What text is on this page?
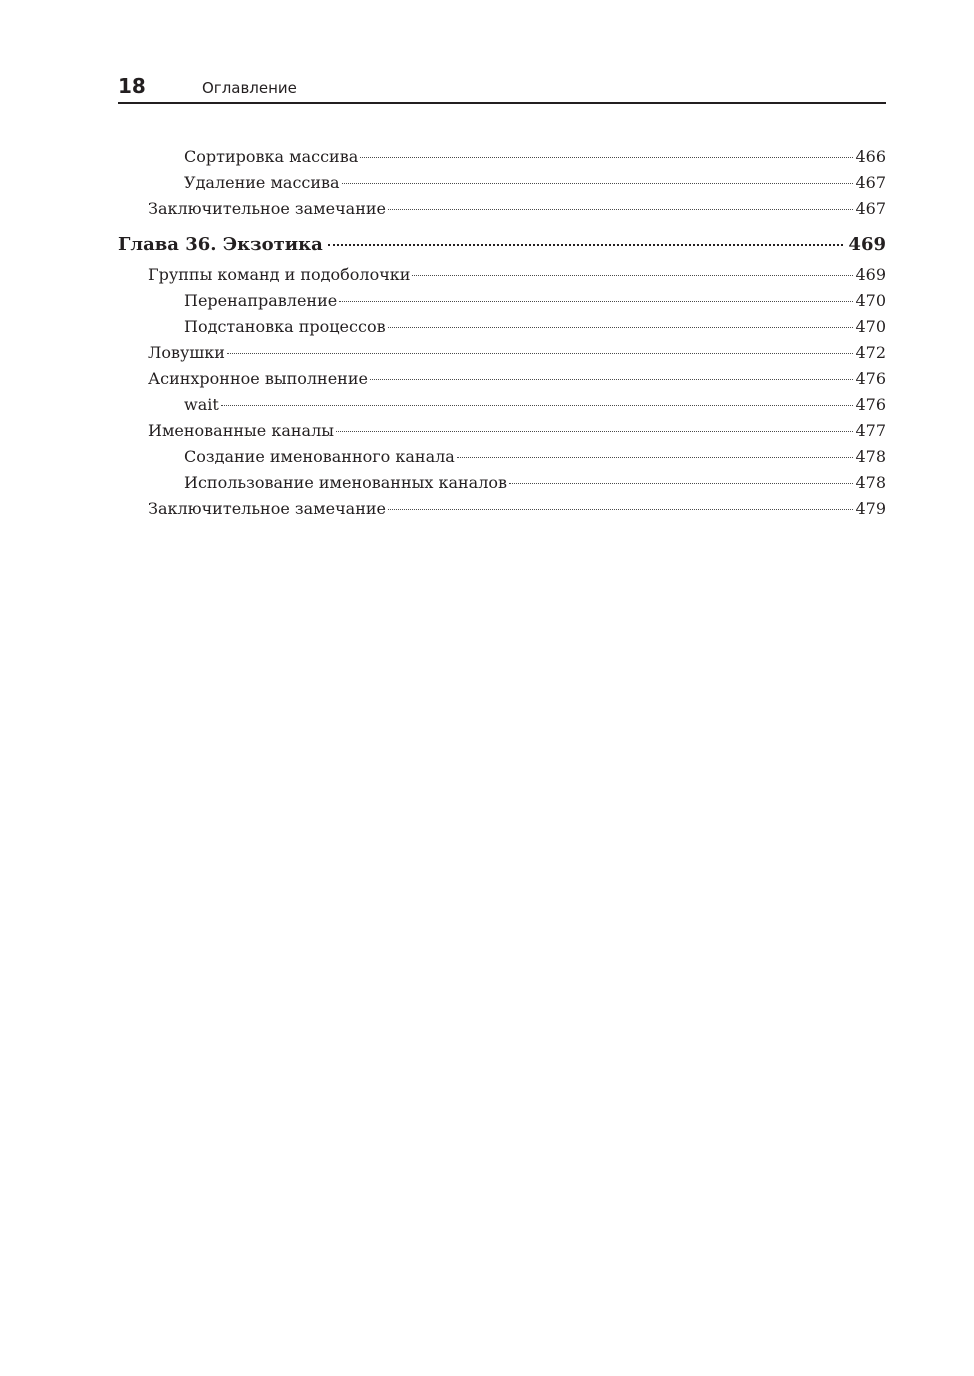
18	Оглавление
Сортировка массива	466
Удаление массива	467
Заключительное замечание	467
Глава 36. Экзотика	469
Группы команд и подоболочки	469
Перенаправление	470
Подстановка процессов	470
Ловушки	472
Асинхронное выполнение	476
wait	476
Именованные каналы	477
Создание именованного канала	478
Использование именованных каналов	478
Заключительное замечание	479
